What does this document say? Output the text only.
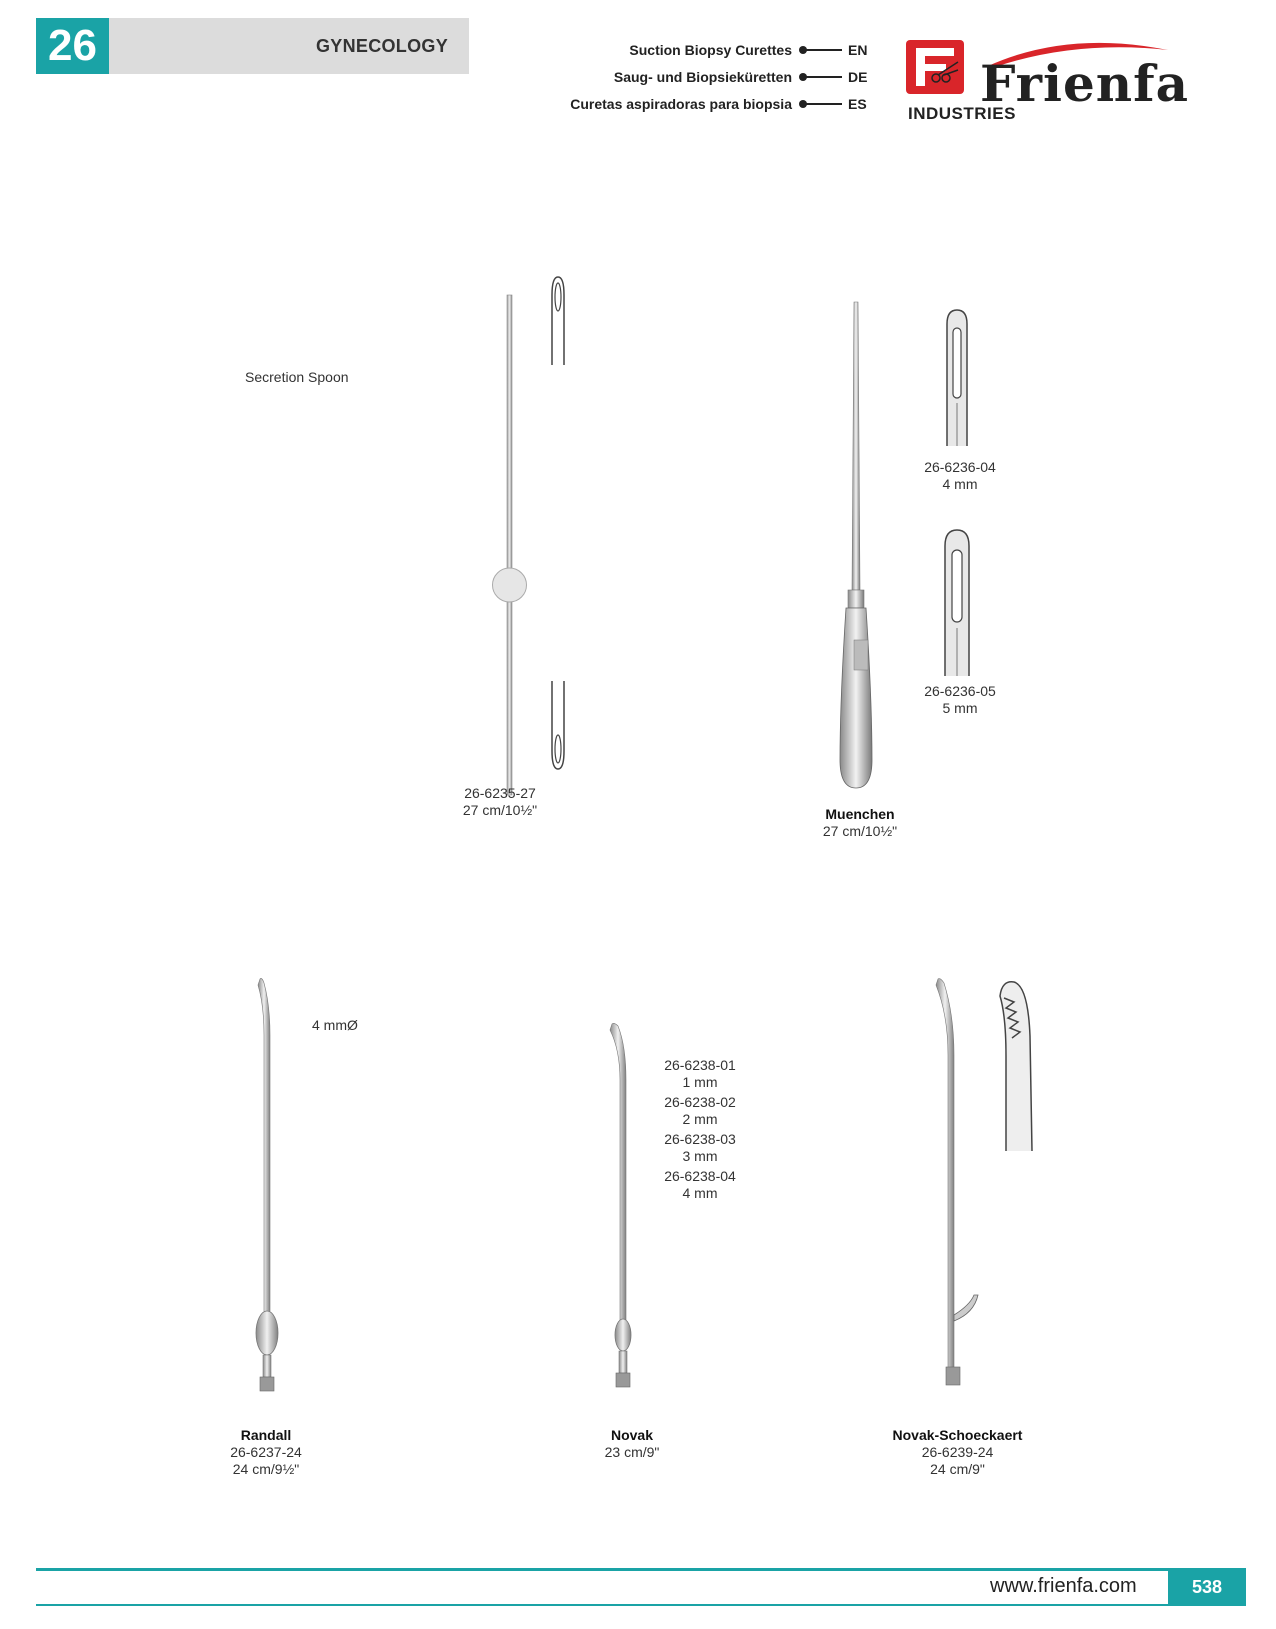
26	GYNECOLOGY	Suction Biopsy Curettes	EN
Saug- und Biopsieküretten	DE
Curetas aspiradoras para biopsia	ES Frienfa
INDUSTRIES
Secretion Spoon
26-6235-27
27 cm/10½"
26-6236-04
4 mm
26-6236-05
5 mm
Muenchen
27 cm/10½"
4 mmØ
Randall
26-6237-24
24 cm/9½"
26-6238-01
1 mm
26-6238-02
2 mm
26-6238-03
3 mm
26-6238-04
4 mm
Novak
23 cm/9"
Novak-Schoeckaert
26-6239-24
24 cm/9"
www.frienfa.com	538
